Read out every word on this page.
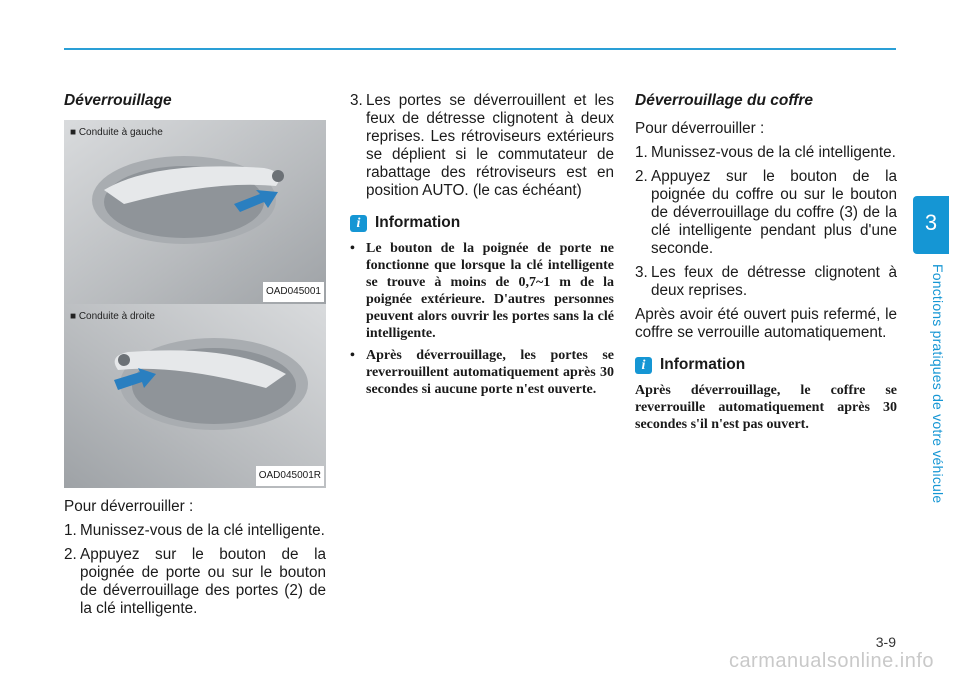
3
Fonctions pratiques de votre véhicule
Déverrouillage
■ Conduite à gauche
OAD045001
■ Conduite à droite
OAD045001R

Pour déverrouiller :

1. Munissez-vous de la clé intelligente.
2. Appuyez sur le bouton de la poignée de porte ou sur le bouton de déverrouillage des portes (2) de la clé intelligente.
3. Les portes se déverrouillent et les feux de détresse clignotent à deux reprises. Les rétroviseurs extérieurs se déplient si le commutateur de rabattage des rétroviseurs est en position AUTO. (le cas échéant)
i Information
• Le bouton de la poignée de porte ne fonctionne que lorsque la clé intelligente se trouve à moins de 0,7~1 m de la poignée extérieure. D'autres personnes peuvent alors ouvrir les portes sans la clé intelligente.
• Après déverrouillage, les portes se reverrouillent automatiquement après 30 secondes si aucune porte n'est ouverte.
Déverrouillage du coffre

Pour déverrouiller :

1. Munissez-vous de la clé intelligente.
2. Appuyez sur le bouton de la poignée du coffre ou sur le bouton de déverrouillage du coffre (3) de la clé intelligente pendant plus d'une seconde.
3. Les feux de détresse clignotent à deux reprises.

Après avoir été ouvert puis refermé, le coffre se verrouille automatiquement.

i Information

Après déverrouillage, le coffre se reverrouille automatiquement après 30 secondes s'il n'est pas ouvert.

3-9
carmanualsonline.info
